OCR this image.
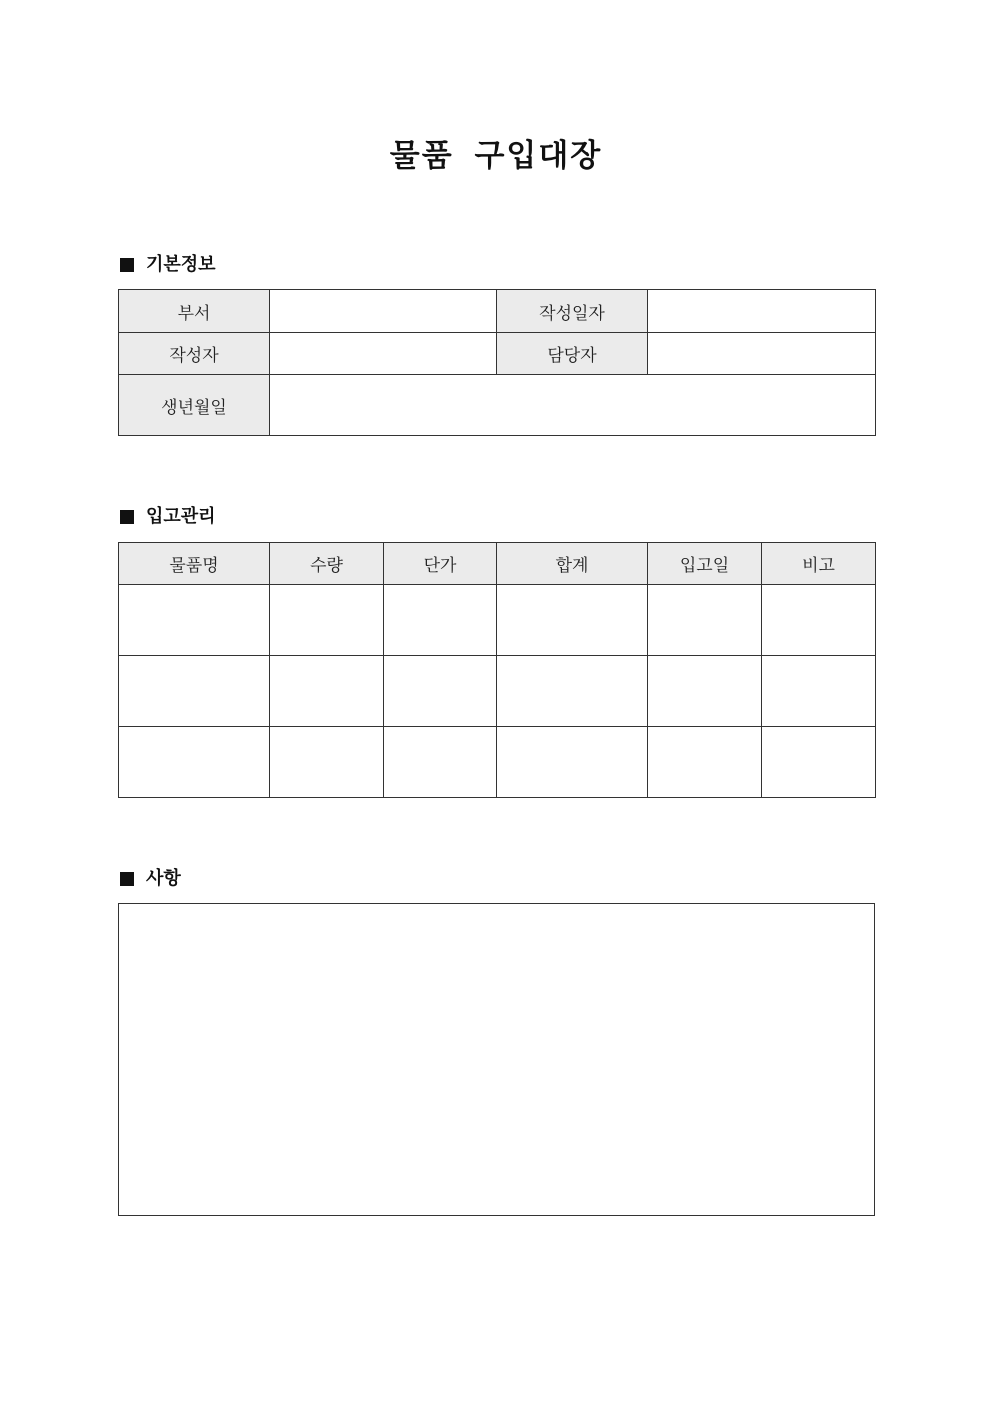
물품 구입대장
기본정보
부서		작성일자	
작성자		담당자	
생년월일			
입고관리
물품명	수량	단가	합계	입고일	비고

사항
